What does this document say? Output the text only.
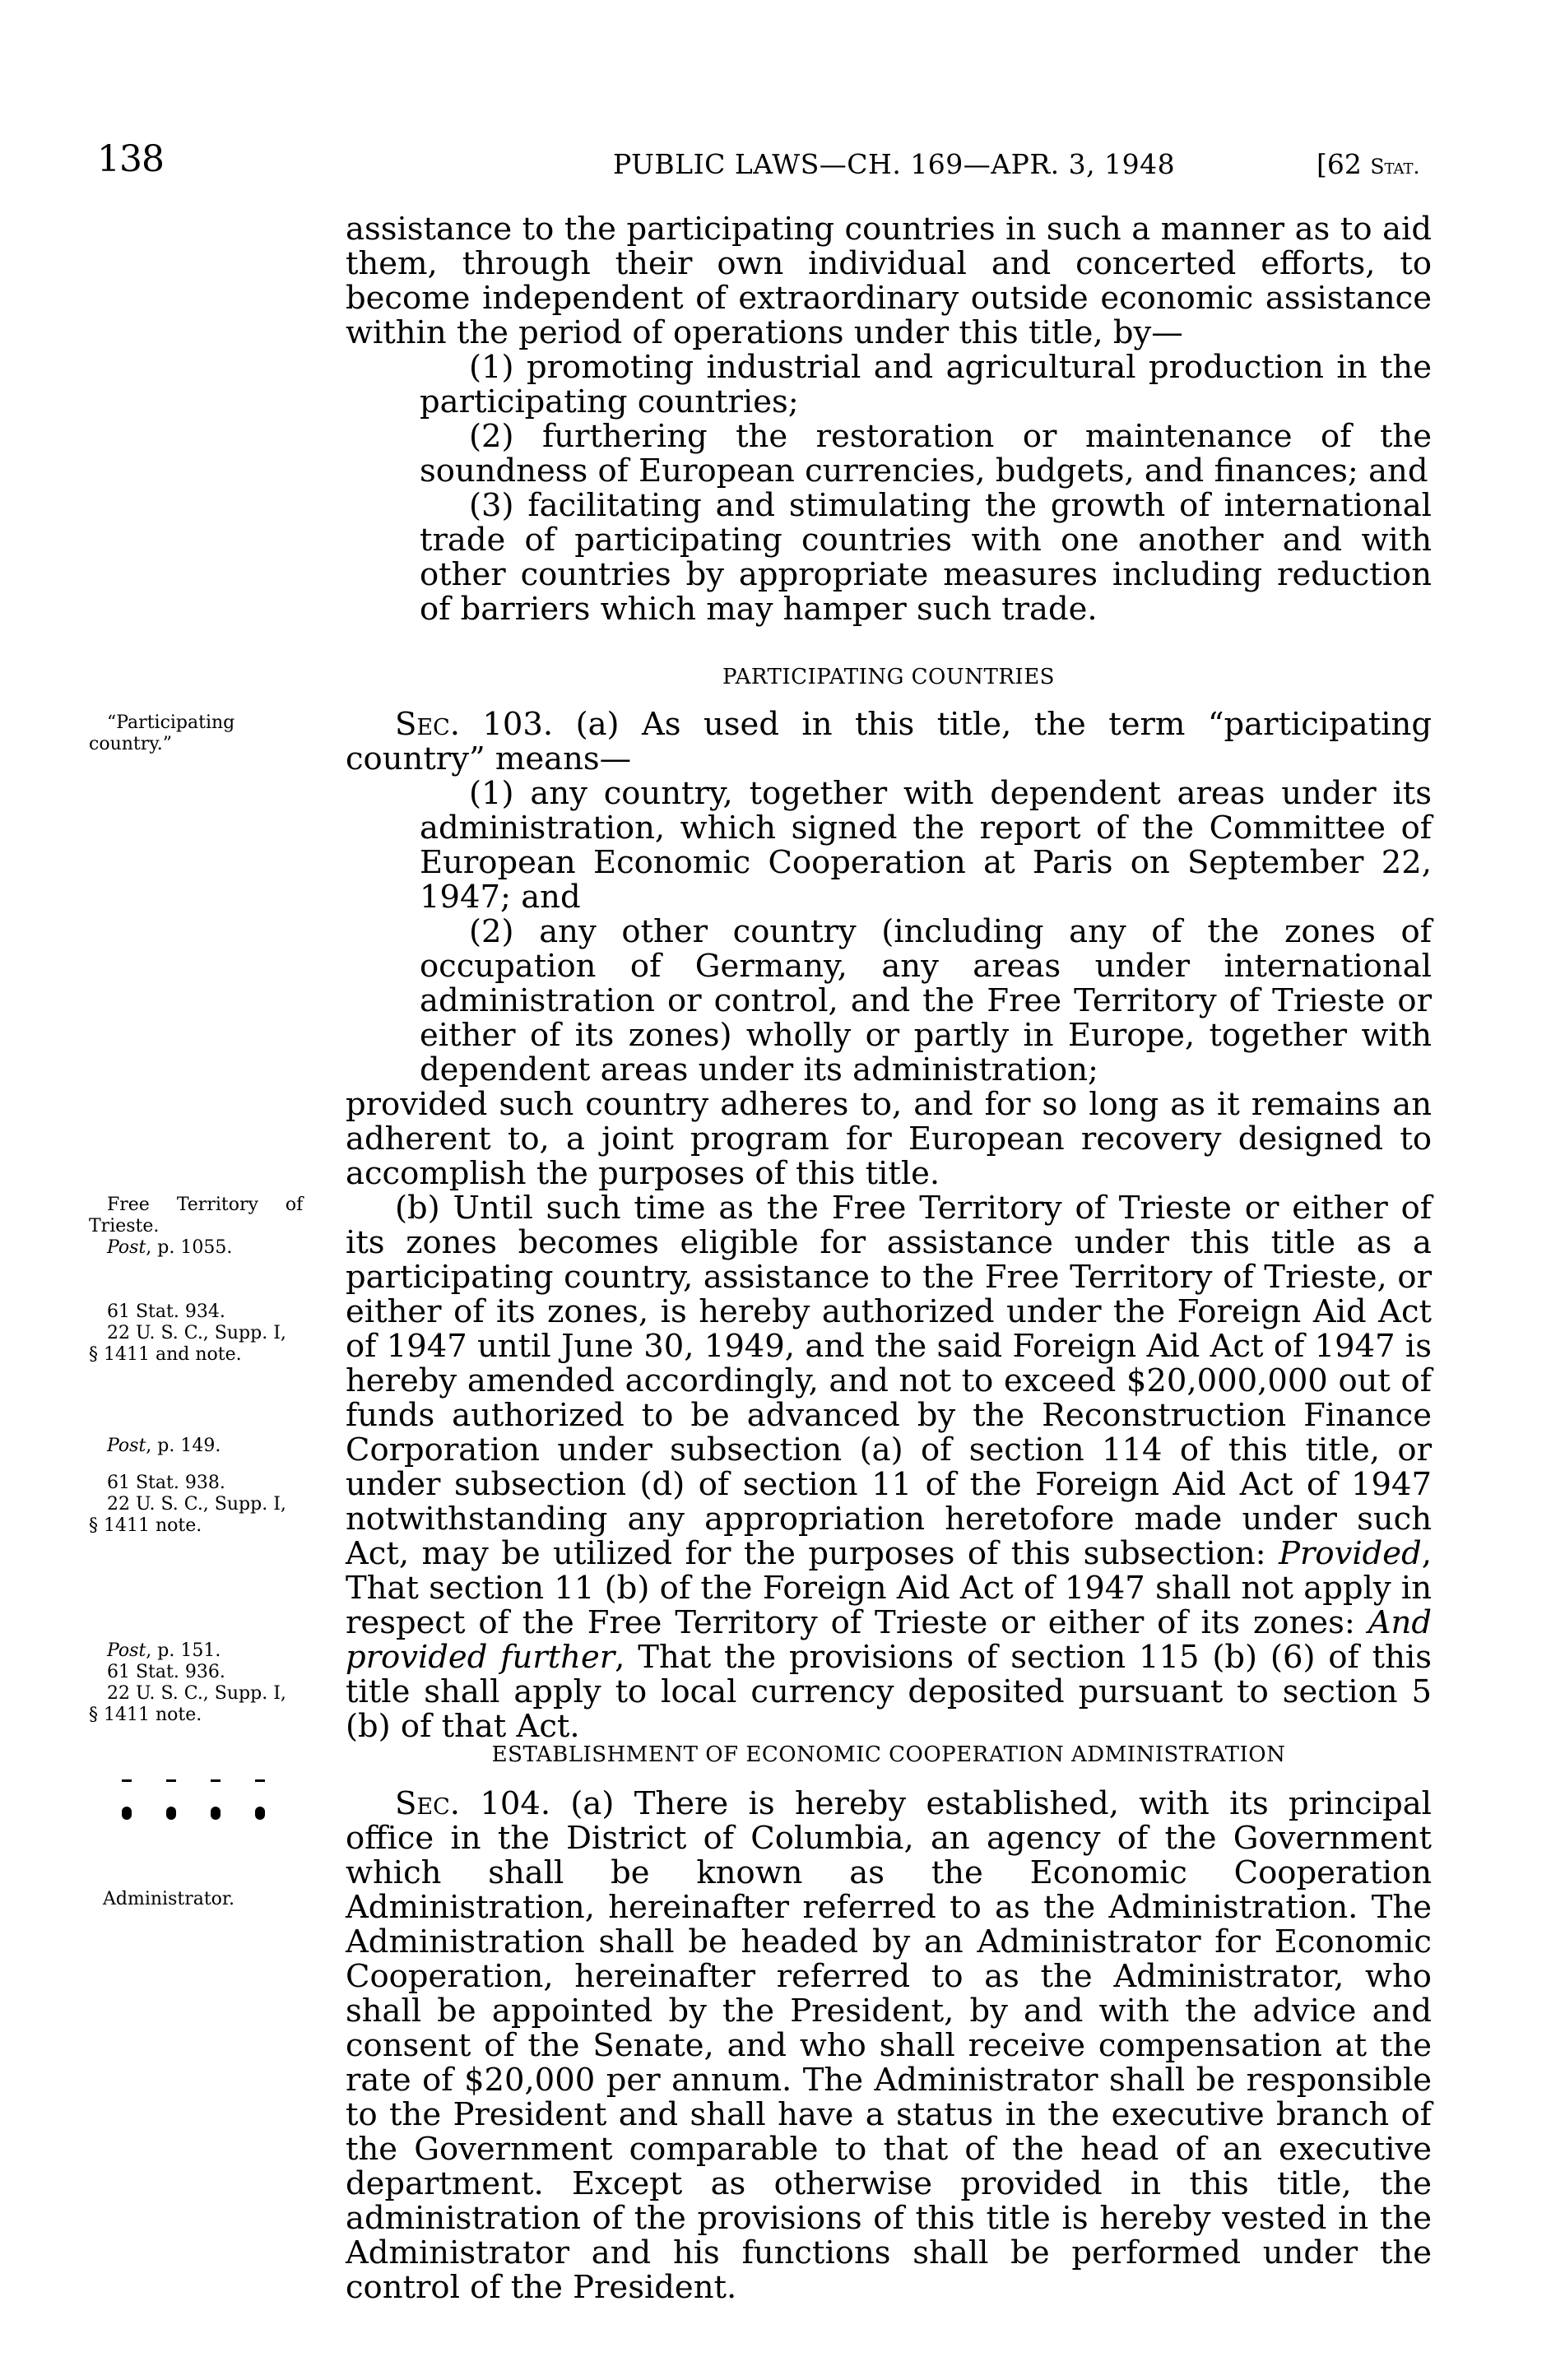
138	PUBLIC LAWS—CH. 169—APR. 3, 1948	[62 Stat.

assistance to the participating countries in such a manner as to aid them, through their own individual and concerted efforts, to become independent of extraordinary outside economic assistance within the period of operations under this title, by—

(1) promoting industrial and agricultural production in the participating countries;

(2) furthering the restoration or maintenance of the soundness of European currencies, budgets, and finances; and

(3) facilitating and stimulating the growth of international trade of participating countries with one another and with other countries by appropriate measures including reduction of barriers which may hamper such trade.

PARTICIPATING COUNTRIES

Sec. 103. (a) As used in this title, the term “participating country” means—

(1) any country, together with dependent areas under its administration, which signed the report of the Committee of European Economic Cooperation at Paris on September 22, 1947; and

(2) any other country (including any of the zones of occupation of Germany, any areas under international administration or control, and the Free Territory of Trieste or either of its zones) wholly or partly in Europe, together with dependent areas under its administration;

provided such country adheres to, and for so long as it remains an adherent to, a joint program for European recovery designed to accomplish the purposes of this title.

(b) Until such time as the Free Territory of Trieste or either of its zones becomes eligible for assistance under this title as a participating country, assistance to the Free Territory of Trieste, or either of its zones, is hereby authorized under the Foreign Aid Act of 1947 until June 30, 1949, and the said Foreign Aid Act of 1947 is hereby amended accordingly, and not to exceed $20,000,000 out of funds authorized to be advanced by the Reconstruction Finance Corporation under subsection (a) of section 114 of this title, or under subsection (d) of section 11 of the Foreign Aid Act of 1947 notwithstanding any appropriation heretofore made under such Act, may be utilized for the purposes of this subsection: Provided, That section 11 (b) of the Foreign Aid Act of 1947 shall not apply in respect of the Free Territory of Trieste or either of its zones: And provided further, That the provisions of section 115 (b) (6) of this title shall apply to local currency deposited pursuant to section 5 (b) of that Act.

ESTABLISHMENT OF ECONOMIC COOPERATION ADMINISTRATION

Sec. 104. (a) There is hereby established, with its principal office in the District of Columbia, an agency of the Government which shall be known as the Economic Cooperation Administration, hereinafter referred to as the Administration. The Administration shall be headed by an Administrator for Economic Cooperation, hereinafter referred to as the Administrator, who shall be appointed by the President, by and with the advice and consent of the Senate, and who shall receive compensation at the rate of $20,000 per annum. The Administrator shall be responsible to the President and shall have a status in the executive branch of the Government comparable to that of the head of an executive department. Except as otherwise provided in this title, the administration of the provisions of this title is hereby vested in the Administrator and his functions shall be performed under the control of the President.

“Participating
country.”
Free Territory of
Trieste.
Post, p. 1055.
61 Stat. 934.
22 U. S. C., Supp. I,
§ 1411 and note.
Post, p. 149.
61 Stat. 938.
22 U. S. C., Supp. I,
§ 1411 note.
Post, p. 151.
61 Stat. 936.
22 U. S. C., Supp. I,
§ 1411 note.
Administrator.
